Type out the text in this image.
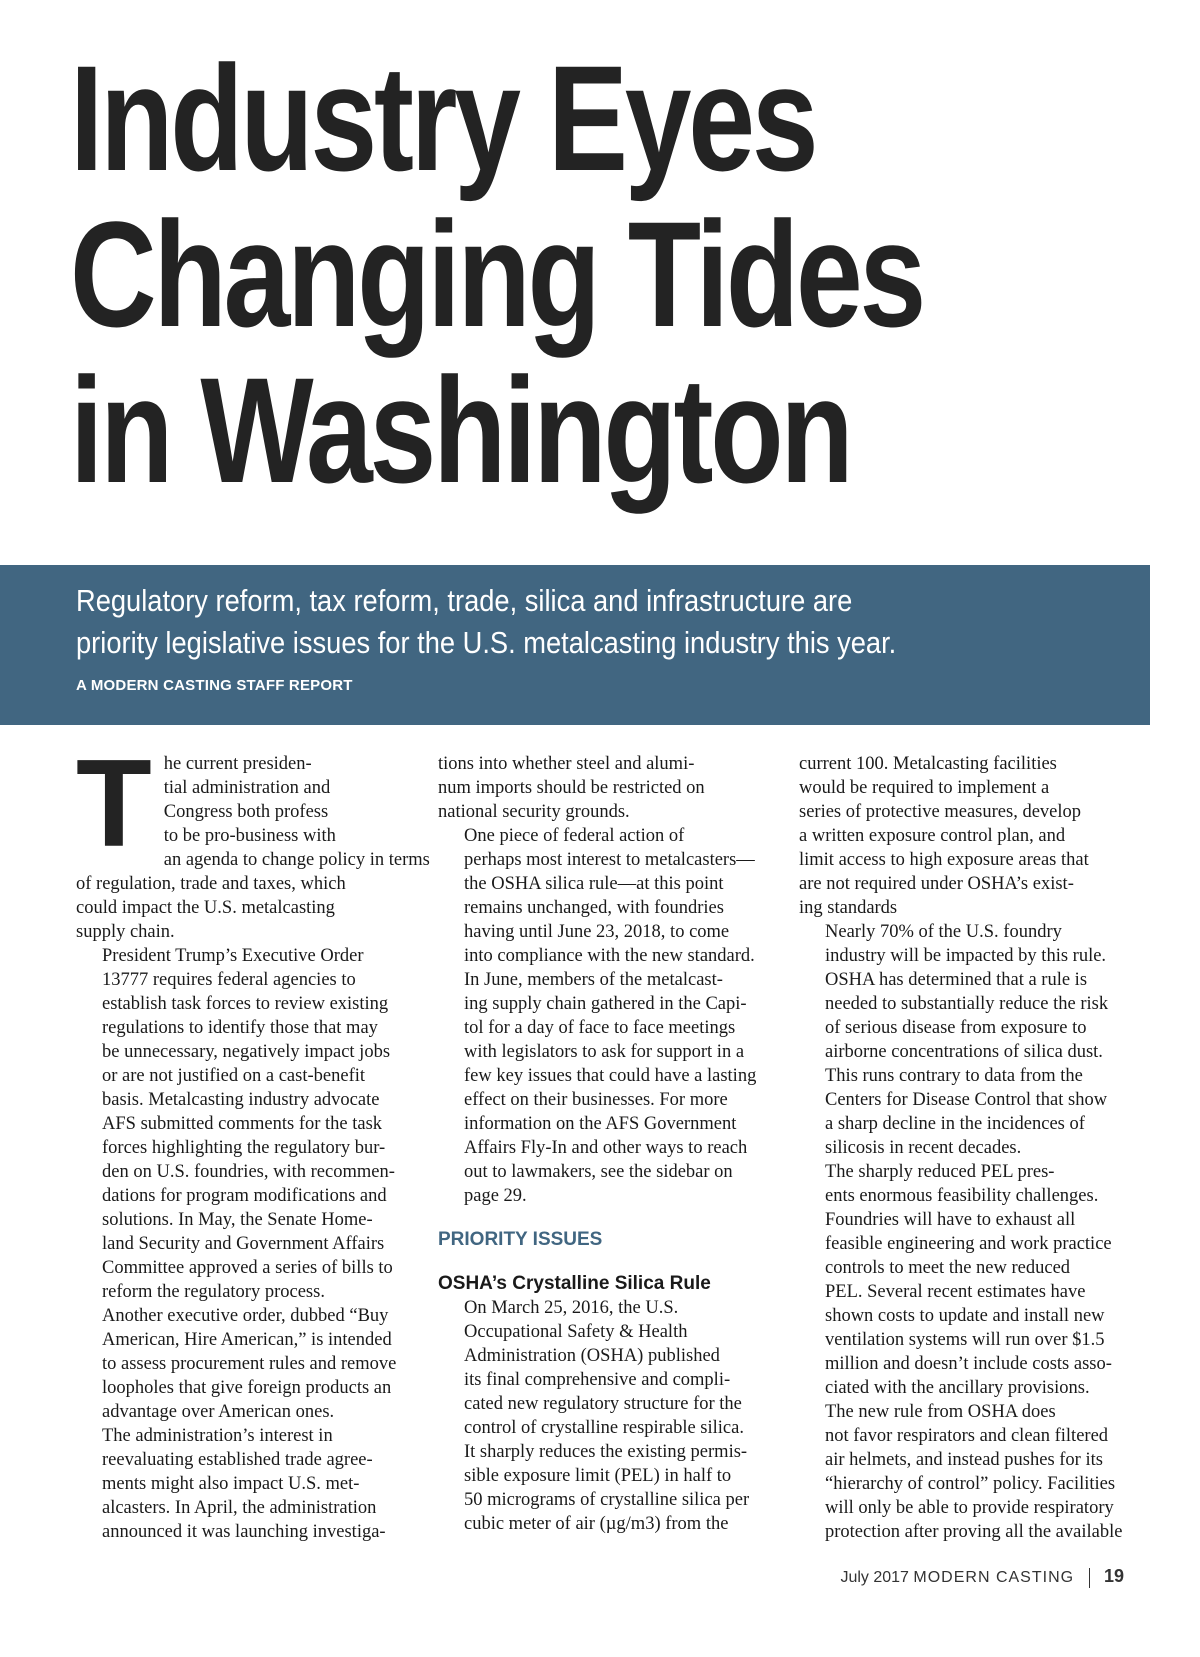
Industry Eyes
Changing Tides
in Washington

Regulatory reform, tax reform, trade, silica and infrastructure are
priority legislative issues for the U.S. metalcasting industry this year.

A MODERN CASTING STAFF REPORT
T he current presiden-
tial administration and
Congress both profess
to be pro-business with
an agenda to change policy in terms
of regulation, trade and taxes, which
could impact the U.S. metalcasting
supply chain.

President Trump’s Executive Order
13777 requires federal agencies to
establish task forces to review existing
regulations to identify those that may
be unnecessary, negatively impact jobs
or are not justified on a cast-benefit
basis. Metalcasting industry advocate
AFS submitted comments for the task
forces highlighting the regulatory bur-
den on U.S. foundries, with recommen-
dations for program modifications and
solutions. In May, the Senate Home-
land Security and Government Affairs
Committee approved a series of bills to
reform the regulatory process.

Another executive order, dubbed “Buy
American, Hire American,” is intended
to assess procurement rules and remove
loopholes that give foreign products an
advantage over American ones.

The administration’s interest in
reevaluating established trade agree-
ments might also impact U.S. met-
alcasters. In April, the administration
announced it was launching investiga-

tions into whether steel and alumi-
num imports should be restricted on
national security grounds.

One piece of federal action of
perhaps most interest to metalcasters—
the OSHA silica rule—at this point
remains unchanged, with foundries
having until June 23, 2018, to come
into compliance with the new standard.

In June, members of the metalcast-
ing supply chain gathered in the Capi-
tol for a day of face to face meetings
with legislators to ask for support in a
few key issues that could have a lasting
effect on their businesses. For more
information on the AFS Government
Affairs Fly-In and other ways to reach
out to lawmakers, see the sidebar on
page 29.

PRIORITY ISSUES
OSHA’s Crystalline Silica Rule

On March 25, 2016, the U.S.
Occupational Safety & Health
Administration (OSHA) published
its final comprehensive and compli-
cated new regulatory structure for the
control of crystalline respirable silica.
It sharply reduces the existing permis-
sible exposure limit (PEL) in half to
50 micrograms of crystalline silica per
cubic meter of air (µg/m3) from the

current 100. Metalcasting facilities
would be required to implement a
series of protective measures, develop
a written exposure control plan, and
limit access to high exposure areas that
are not required under OSHA’s exist-
ing standards

Nearly 70% of the U.S. foundry
industry will be impacted by this rule.
OSHA has determined that a rule is
needed to substantially reduce the risk
of serious disease from exposure to
airborne concentrations of silica dust.
This runs contrary to data from the
Centers for Disease Control that show
a sharp decline in the incidences of
silicosis in recent decades.

The sharply reduced PEL pres-
ents enormous feasibility challenges.
Foundries will have to exhaust all
feasible engineering and work practice
controls to meet the new reduced
PEL. Several recent estimates have
shown costs to update and install new
ventilation systems will run over $1.5
million and doesn’t include costs asso-
ciated with the ancillary provisions.

The new rule from OSHA does
not favor respirators and clean filtered
air helmets, and instead pushes for its
“hierarchy of control” policy. Facilities
will only be able to provide respiratory
protection after proving all the available

July 2017 MODERN CASTING 19
